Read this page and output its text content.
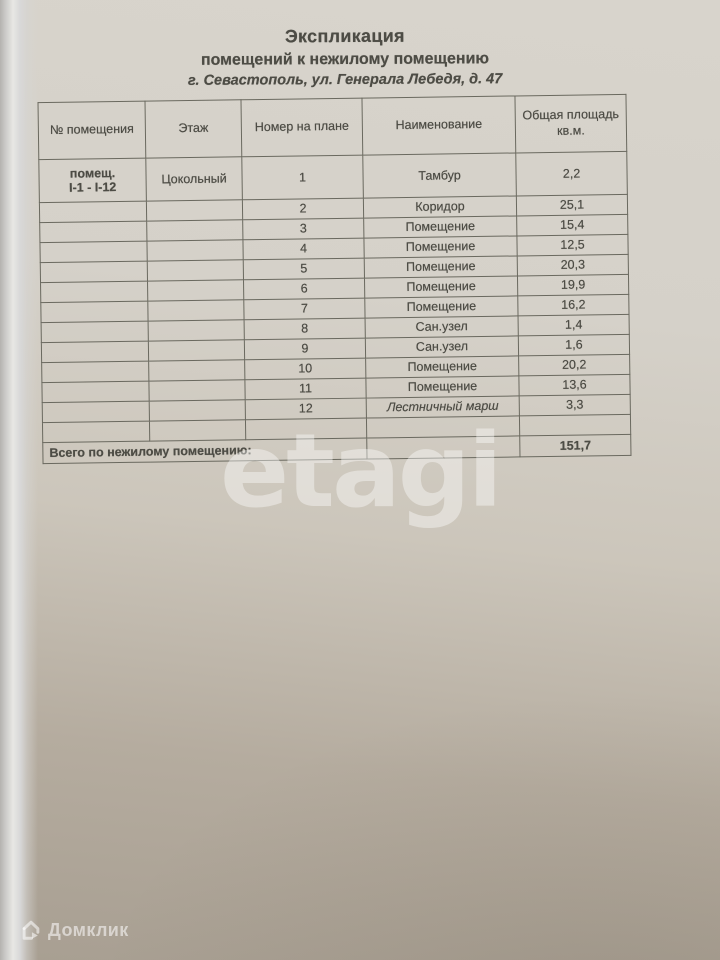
Экспликация
помещений к нежилому помещению
г. Севастополь, ул. Генерала Лебедя, д. 47
№ помещения	Этаж	Номер на плане	Наименование	Общая площадь кв.м.

помещ.
I-1 - I-12	Цокольный	1	Тамбур	2,2
		2	Коридор	25,1
		3	Помещение	15,4
		4	Помещение	12,5
		5	Помещение	20,3
		6	Помещение	19,9
		7	Помещение	16,2
		8	Сан.узел	1,4
		9	Сан.узел	1,6
		10	Помещение	20,2
		11	Помещение	13,6
		12	Лестничный марш	3,3

Всего по нежилому помещению:				151,7
etagi
Домклик
